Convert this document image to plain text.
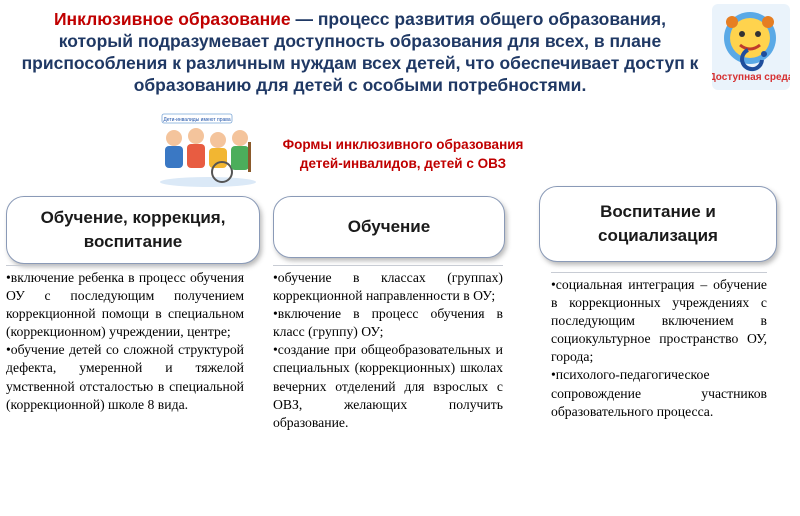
Инклюзивное образование — процесс развития общего образования, который подразумевает доступность образования для всех, в плане приспособления к различным нуждам всех детей, что обеспечивает доступ к образованию для детей с особыми потребностями.	Доступная среда
Дети-инвалиды имеют права
Формы инклюзивного образования
детей-инвалидов, детей с ОВЗ
Обучение, коррекция, воспитание
Обучение
Воспитание и социализация

•включение ребенка в процесс обучения ОУ с последующим получением коррекционной помощи в специальном (коррекционном) учреждении, центре;

•обучение детей со сложной структурой дефекта, умеренной и тяжелой умственной отсталостью в специальной (коррекционной) школе 8 вида.

•обучение в классах (группах) коррекционной направленности в ОУ;

•включение в процесс обучения в класс (группу) ОУ;

•создание при общеобразовательных и специальных (коррекционных) школах вечерних отделений для взрослых с ОВЗ, желающих получить образование.

•социальная интеграция – обучение в коррекционных учреждениях с последующим включением в социокультурное пространство ОУ, города;

•психолого-педагогическое сопровождение участников образовательного процесса.
